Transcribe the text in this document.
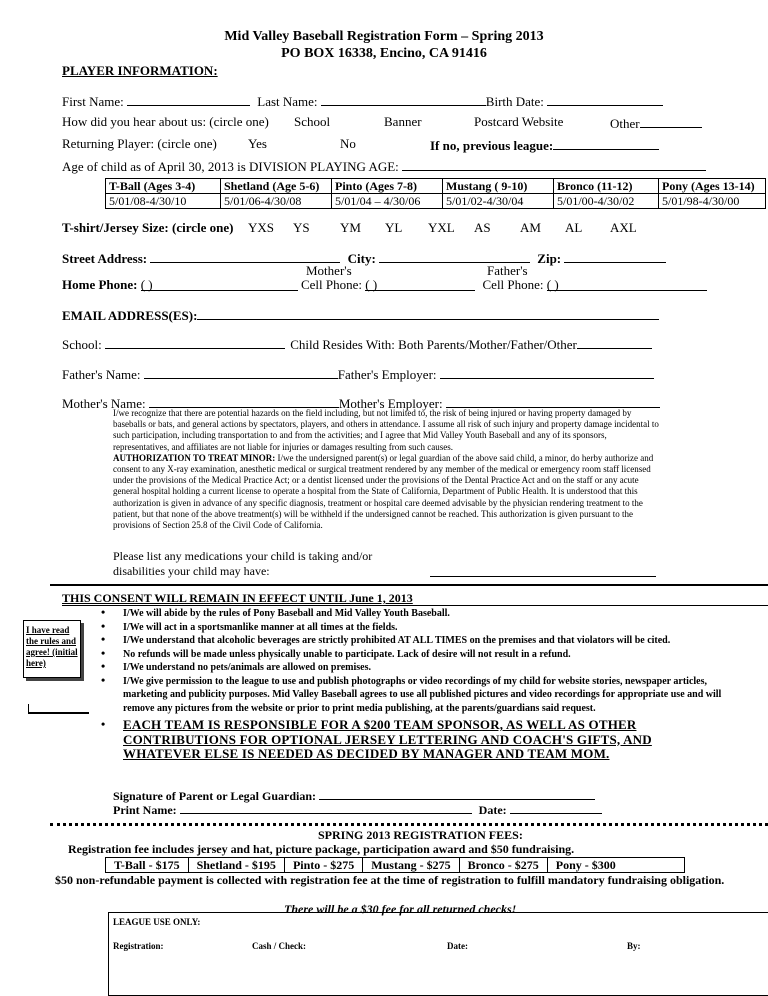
Mid Valley Baseball Registration Form – Spring 2013
PO BOX 16338, Encino, CA 91416
PLAYER INFORMATION:
First Name:	Last Name:	Birth Date:
How did you hear about us: (circle one) School	Banner	Postcard Website	Other
Returning Player: (circle one) Yes	No	If no, previous league:
Age of child as of April 30, 2013 is DIVISION PLAYING AGE:
T-Ball (Ages 3-4)	Shetland (Age 5-6)	Pinto (Ages 7-8)	Mustang ( 9-10)	Bronco (11-12)	Pony (Ages 13-14)
5/01/08-4/30/10	5/01/06-4/30/08	5/01/04 – 4/30/06	5/01/02-4/30/04	5/01/00-4/30/02	5/01/98-4/30/00
T-shirt/Jersey Size: (circle one) YXS YS YM YL YXL AS AM AL AXL
Street Address:	City:	Zip:
Mother's	Father's
Home Phone: ( )	Cell Phone: ( )	Cell Phone: ( )
EMAIL ADDRESS(ES):
School:	Child Resides With: Both Parents/Mother/Father/Other
Father's Name:	Father's Employer:
Mother's Name:	Mother's Employer:
I/we recognize that there are potential hazards on the field including, but not limited to, the risk of being injured or having property damaged by baseballs or bats, and general actions by spectators, players, and others in attendance. I assume all risk of such injury and property damage incidental to such participation, including transportation to and from the activities; and I agree that Mid Valley Youth Baseball and any of its sponsors, representatives, and affiliates are not liable for injuries or damages resulting from such causes.
AUTHORIZATION TO TREAT MINOR: I/we the undersigned parent(s) or legal guardian of the above said child, a minor, do herby authorize and consent to any X-ray examination, anesthetic medical or surgical treatment rendered by any member of the medical or emergency room staff licensed under the provisions of the Medical Practice Act; or a dentist licensed under the provisions of the Dental Practice Act and on the staff or any acute general hospital holding a current license to operate a hospital from the State of California, Department of Public Health. It is understood that this authorization is given in advance of any specific diagnosis, treatment or hospital care deemed advisable by the physician rendering treatment to the patient, but that none of the above treatment(s) will be withheld if the undersigned cannot be reached. This authorization is given pursuant to the provisions of Section 25.8 of the Civil Code of California.
Please list any medications your child is taking and/or
disabilities your child may have:
THIS CONSENT WILL REMAIN IN EFFECT UNTIL June 1, 2013
I have read the rules and agree! (initial here)
• I/We will abide by the rules of Pony Baseball and Mid Valley Youth Baseball.
• I/We will act in a sportsmanlike manner at all times at the fields.
• I/We understand that alcoholic beverages are strictly prohibited AT ALL TIMES on the premises and that violators will be cited.
• No refunds will be made unless physically unable to participate. Lack of desire will not result in a refund.
• I/We understand no pets/animals are allowed on premises.
• I/We give permission to the league to use and publish photographs or video recordings of my child for website stories, newspaper articles, marketing and publicity purposes. Mid Valley Baseball agrees to use all published pictures and video recordings for appropriate use and will remove any pictures from the website or prior to print media publishing, at the parents/guardians said request.
• EACH TEAM IS RESPONSIBLE FOR A $200 TEAM SPONSOR, AS WELL AS OTHER CONTRIBUTIONS FOR OPTIONAL JERSEY LETTERING AND COACH'S GIFTS, AND WHATEVER ELSE IS NEEDED AS DECIDED BY MANAGER AND TEAM MOM.
Signature of Parent or Legal Guardian:
Print Name:	Date:
SPRING 2013 REGISTRATION FEES:
Registration fee includes jersey and hat, picture package, participation award and $50 fundraising.
T-Ball - $175	Shetland - $195	Pinto - $275	Mustang - $275	Bronco - $275	Pony - $300
$50 non-refundable payment is collected with registration fee at the time of registration to fulfill mandatory fundraising obligation.
There will be a $30 fee for all returned checks!
LEAGUE USE ONLY:
Registration:	Cash / Check:	Date:	By:
